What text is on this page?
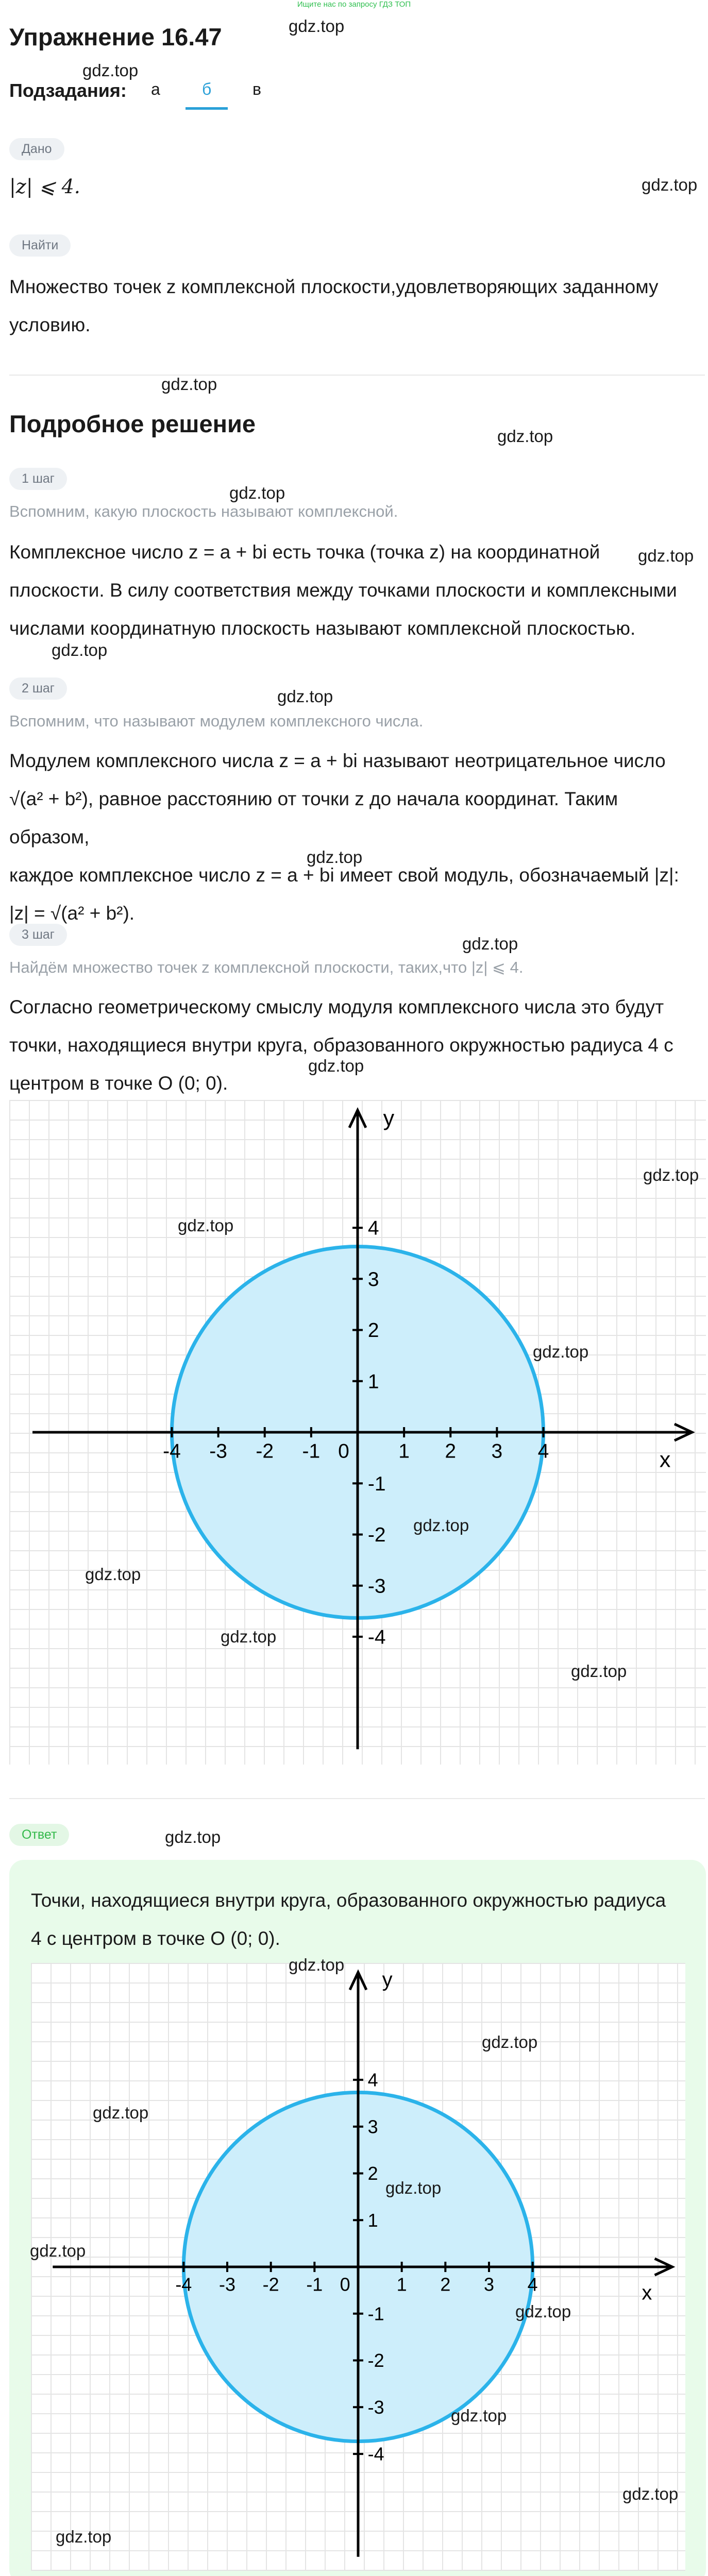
Ищите нас по запросу ГДЗ ТОП
Упражнение 16.47
Подзадания: а	б в
Дано
|z| ⩽ 4.
Найти
Множество точек z комплексной плоскости,удовлетворяющих заданному условию.
Подробное решение
1 шаг
Вспомним, какую плоскость называют комплексной.
Комплексное число z = a + bi есть точка (точка z) на координатной
плоскости. В силу соответствия между точками плоскости и комплексными
числами координатную плоскость называют комплексной плоскостью.
2 шаг
Вспомним, что называют модулем комплексного числа.
Модулем комплексного числа z = a + bi называют неотрицательное число
√(a² + b²), равное расстоянию от точки z до начала координат. Таким образом,
каждое комплексное число z = a + bi имеет свой модуль, обозначаемый |z|:
|z| = √(a² + b²).
3 шаг
Найдём множество точек z комплексной плоскости, таких,что |z| ⩽ 4.
Согласно геометрическому смыслу модуля комплексного числа это будут
точки, находящиеся внутри круга, образованного окружностью радиуса 4 с
центром в точке O (0; 0).
x
y
-4 -3 -2 -1 0 1 2 3 4
4
3
2
1
-1
-2
-3
-4
Ответ
Точки, находящиеся внутри круга, образованного окружностью радиуса
4 с центром в точке O (0; 0).
x
y
-4 -3 -2 -1 0	1 2 3 4
4
3
2
1
-1
-2
-3
-4
gdz.top
gdz.top
gdz.top
gdz.top
gdz.top
gdz.top
gdz.top
gdz.top
gdz.top
gdz.top
gdz.top
gdz.top
gdz.top
gdz.top
gdz.top
gdz.top
gdz.top
gdz.top
gdz.top
gdz.top
gdz.top
gdz.top
gdz.top
gdz.top
gdz.top
gdz.top
gdz.top
gdz.top
gdz.top
